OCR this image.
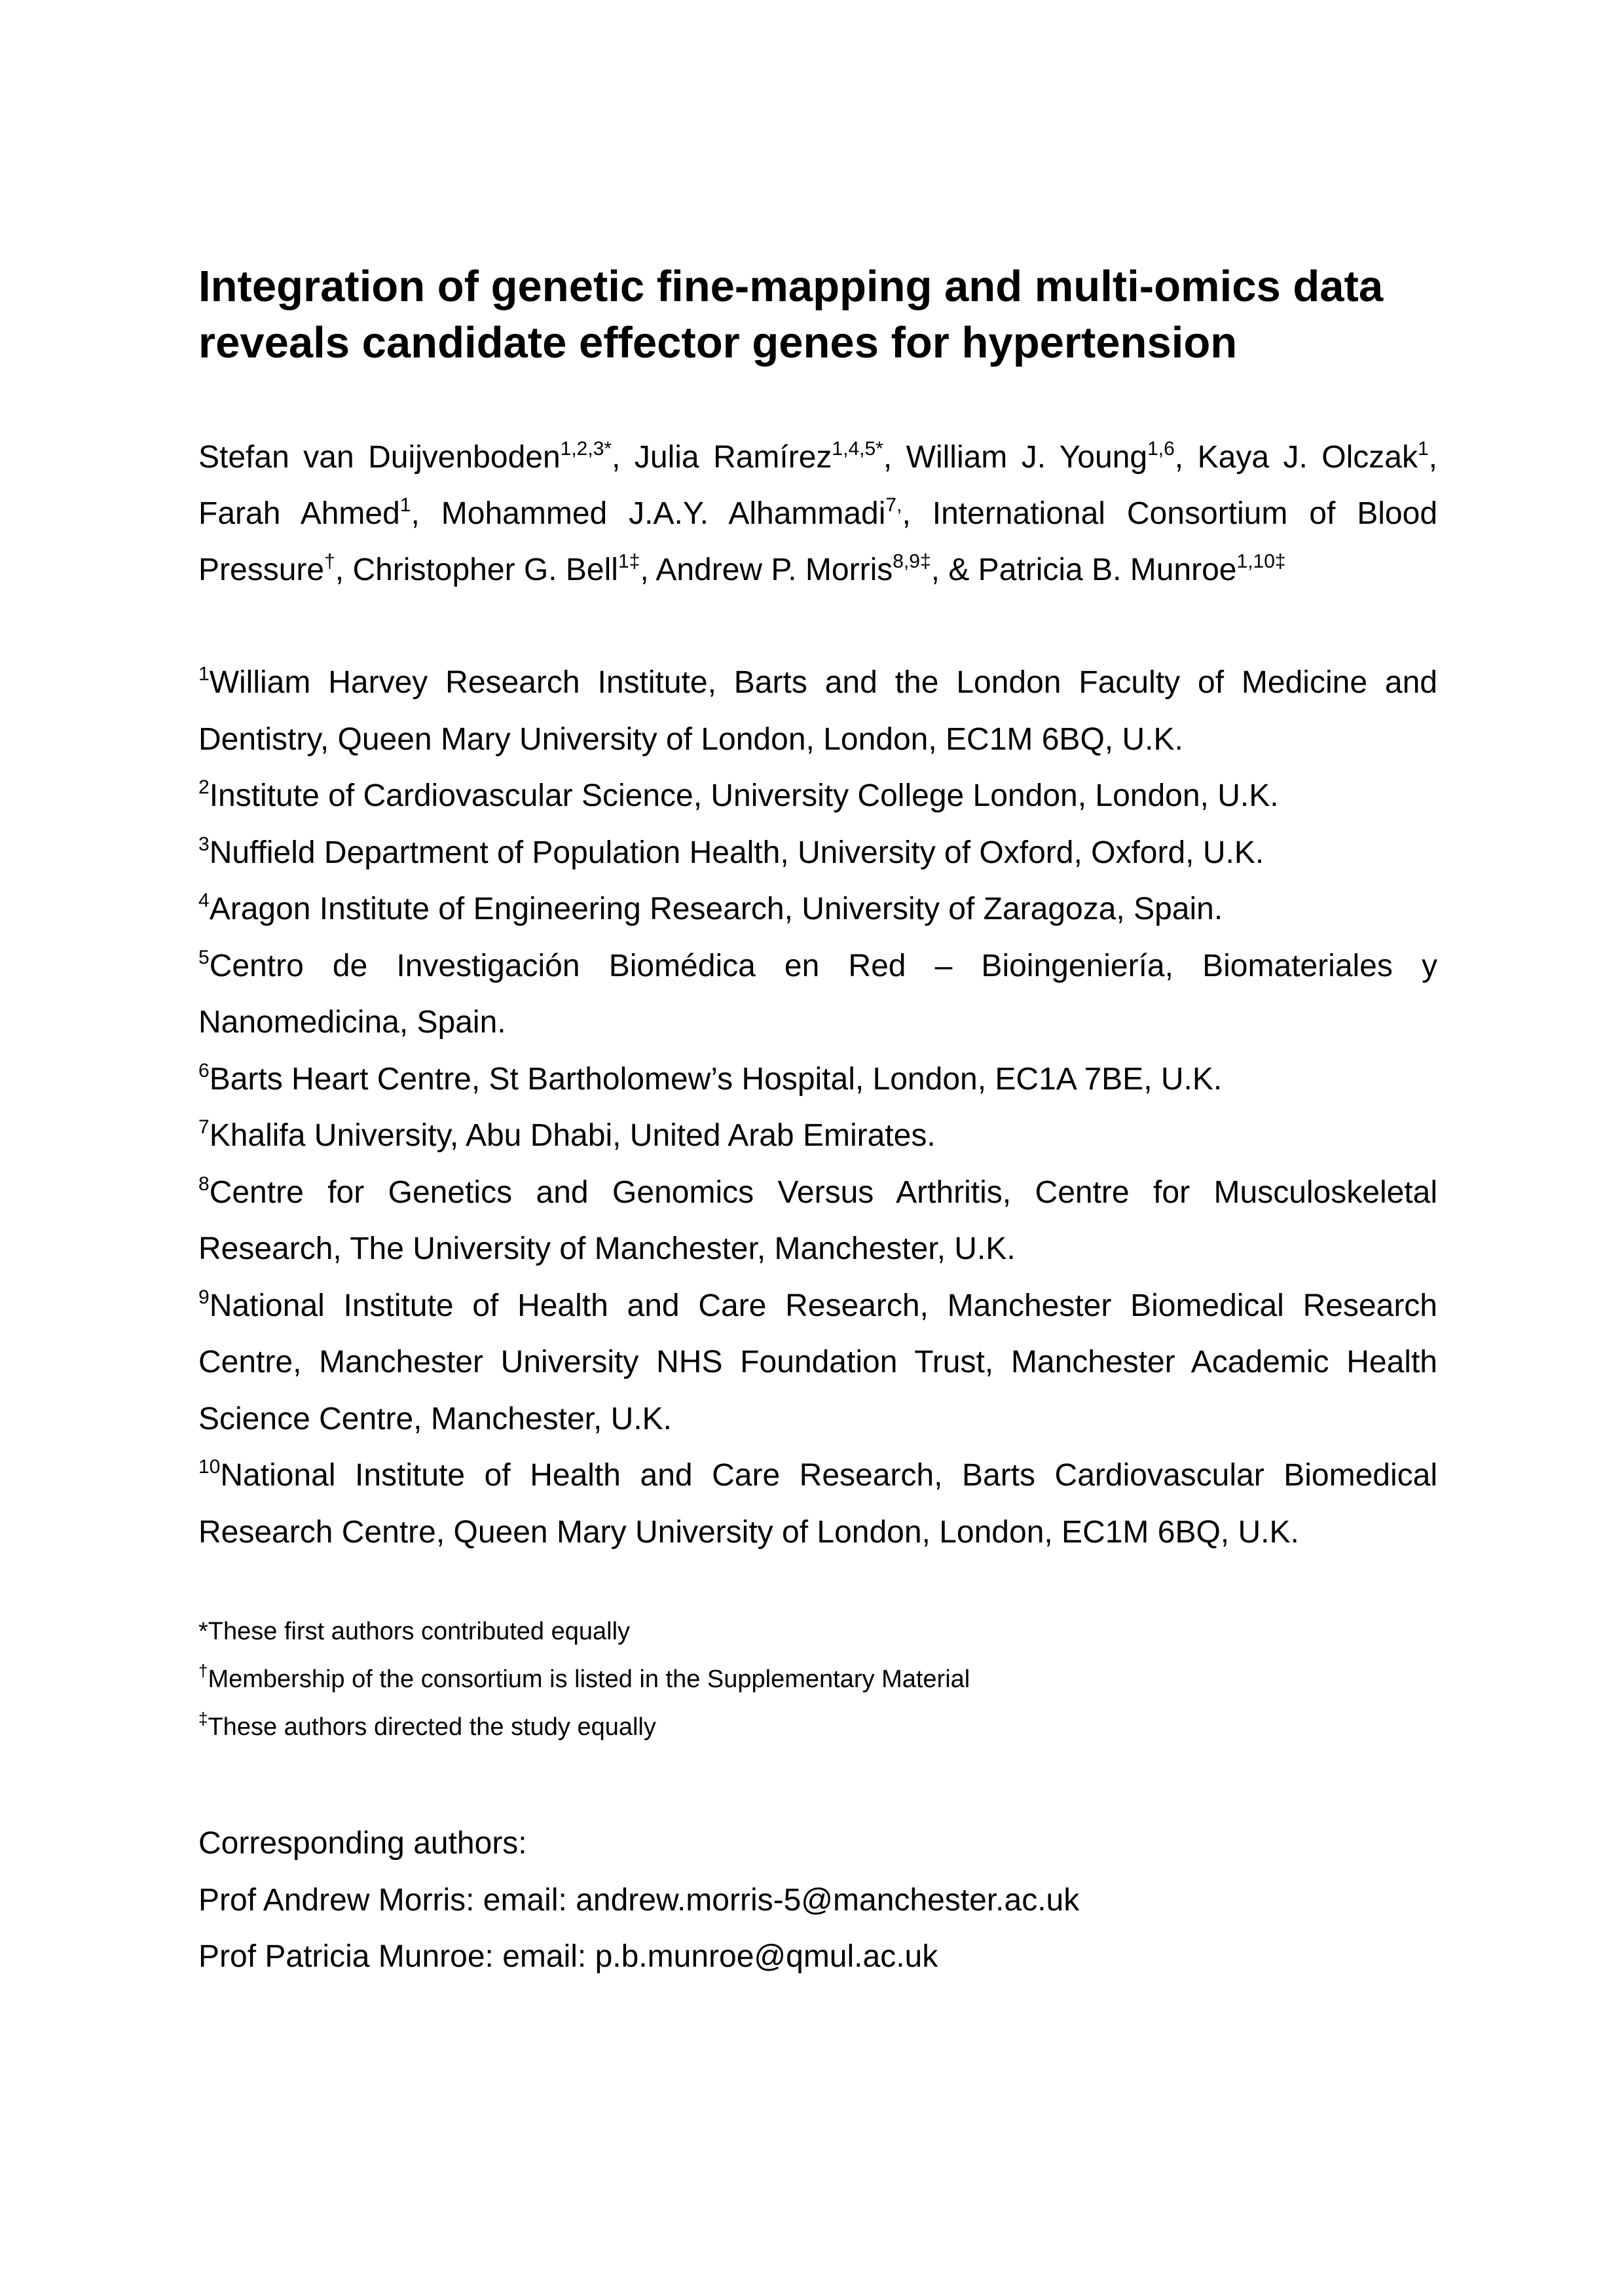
Integration of genetic fine-mapping and multi-omics data
reveals candidate effector genes for hypertension
Stefan van Duijvenboden$^{1,2,3*}$, Julia Ramírez$^{1,4,5*}$, William J. Young$^{1,6}$, Kaya J. Olczak$^1$, Farah Ahmed$^1$, Mohammed J.A.Y. Alhammadi$^{7,}$, International Consortium of Blood Pressure†, Christopher G. Bell$^{1\ddagger}$, Andrew P. Morris$^{8,9\ddagger}$, & Patricia B. Munroe$^{1,10\ddagger}$
$^1$William Harvey Research Institute, Barts and the London Faculty of Medicine and Dentistry, Queen Mary University of London, London, EC1M 6BQ, U.K.
$^2$Institute of Cardiovascular Science, University College London, London, U.K.
$^3$Nuffield Department of Population Health, University of Oxford, Oxford, U.K.
$^4$Aragon Institute of Engineering Research, University of Zaragoza, Spain.
$^5$Centro de Investigación Biomédica en Red – Bioingeniería, Biomateriales y Nanomedicina, Spain.
$^6$Barts Heart Centre, St Bartholomew’s Hospital, London, EC1A 7BE, U.K.
$^7$Khalifa University, Abu Dhabi, United Arab Emirates.
$^8$Centre for Genetics and Genomics Versus Arthritis, Centre for Musculoskeletal Research, The University of Manchester, Manchester, U.K.
$^9$National Institute of Health and Care Research, Manchester Biomedical Research Centre, Manchester University NHS Foundation Trust, Manchester Academic Health Science Centre, Manchester, U.K.
$^{10}$National Institute of Health and Care Research, Barts Cardiovascular Biomedical Research Centre, Queen Mary University of London, London, EC1M 6BQ, U.K.
*These first authors contributed equally
†Membership of the consortium is listed in the Supplementary Material
‡These authors directed the study equally
Corresponding authors:
Prof Andrew Morris: email: andrew.morris-5@manchester.ac.uk
Prof Patricia Munroe: email: p.b.munroe@qmul.ac.uk
